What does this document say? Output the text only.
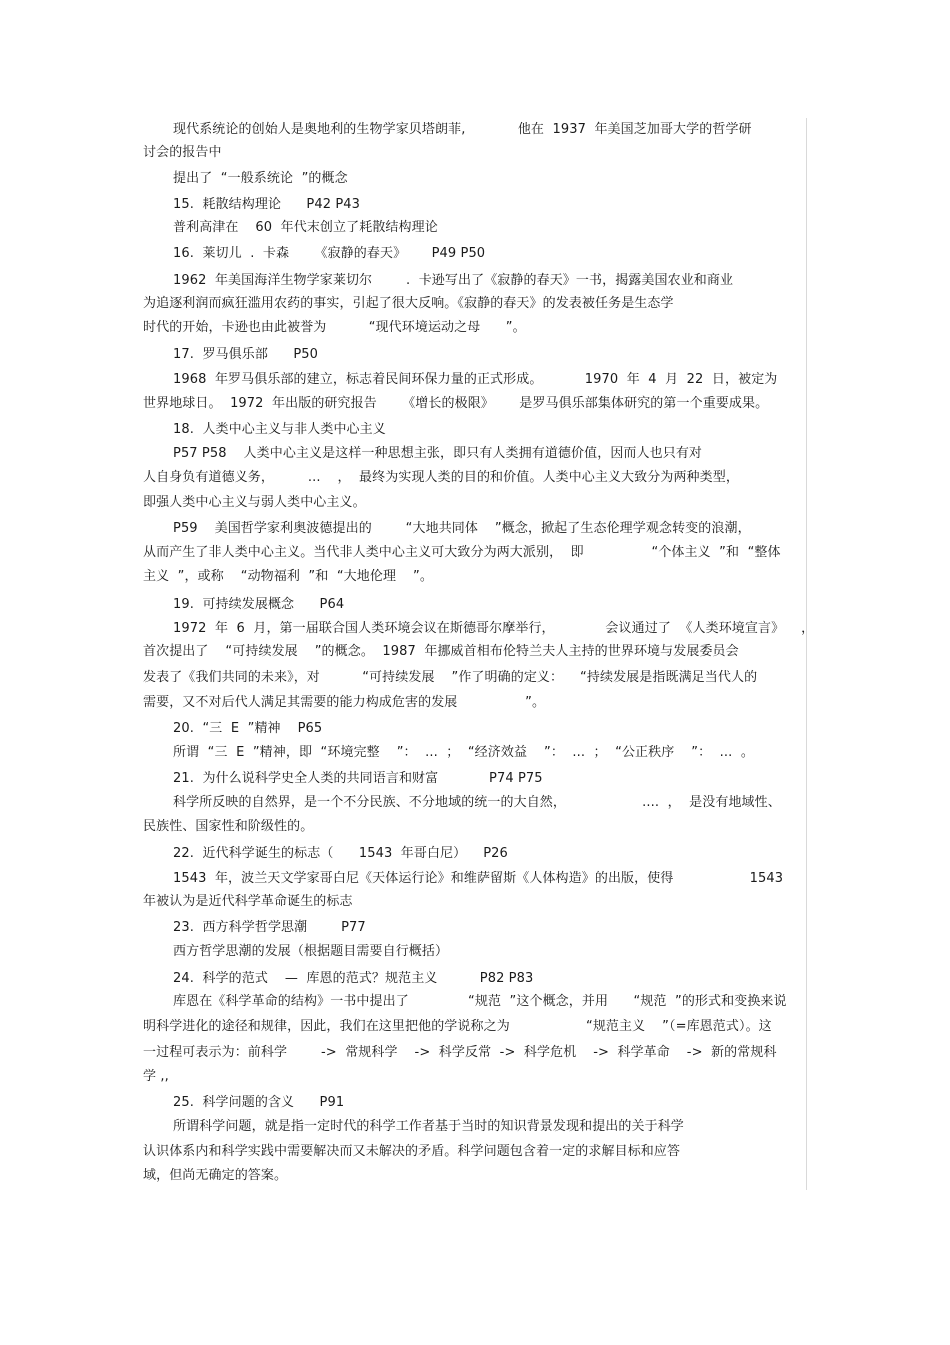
现代系统论的创始人是奥地利的生物学家贝塔朗菲,　　　　他在  1937  年美国芝加哥大学的哲学研
讨会的报告中
提出了  “一般系统论  ”的概念
15.  耗散结构理论      P42 P43
普利高津在    60  年代末创立了耗散结构理论
16.  莱切儿  .  卡森      《寂静的春天》      P49 P50
1962  年美国海洋生物学家莱切尔        .  卡逊写出了《寂静的春天》一书，揭露美国农业和商业
为追逐利润而疯狂滥用农药的事实，引起了很大反响。《寂静的春天》的发表被任务是生态学
时代的开始，卡逊也由此被誉为          “现代环境运动之母      ”。
17.  罗马俱乐部      P50
1968  年罗马俱乐部的建立，标志着民间环保力量的正式形成。          1970  年  4  月  22  日，被定为
世界地球日。  1972  年出版的研究报告      《增长的极限》      是罗马俱乐部集体研究的第一个重要成果。
18.  人类中心主义与非人类中心主义
P57 P58    人类中心主义是这样一种思想主张，即只有人类拥有道德价值，因而人也只有对
人自身负有道德义务，        ...    ，  最终为实现人类的目的和价值。人类中心主义大致分为两种类型，
即强人类中心主义与弱人类中心主义。
P59    美国哲学家利奥波德提出的        “大地共同体    ”概念，掀起了生态伦理学观念转变的浪潮，
从而产生了非人类中心主义。当代非人类中心主义可大致分为两大派别，  即                “个体主义  ”和  “整体
主义  ”，或称    “动物福利  ”和  “大地伦理    ”。
19.  可持续发展概念      P64
1972  年  6  月，第一届联合国人类环境会议在斯德哥尔摩举行，            会议通过了  《人类环境宣言》    ，
首次提出了    “可持续发展    ”的概念。  1987  年挪威首相布伦特兰夫人主持的世界环境与发展委员会
发表了《我们共同的未来》，对          “可持续发展    ”作了明确的定义：    “持续发展是指既满足当代人的
需要，又不对后代人满足其需要的能力构成危害的发展                ”。
20.  “三  E  ”精神    P65
所谓  “三  E  ”精神，即  “环境完整    ”：  ...  ；  “经济效益    ”：  ...  ；  “公正秩序    ”：  ...  。
21.  为什么说科学史全人类的共同语言和财富            P74 P75
科学所反映的自然界，是一个不分民族、不分地域的统一的大自然，                  ....  ，  是没有地域性、
民族性、国家性和阶级性的。
22.  近代科学诞生的标志（      1543  年哥白尼）    P26
1543  年，波兰天文学家哥白尼《天体运行论》和维萨留斯《人体构造》的出版，使得                  1543
年被认为是近代科学革命诞生的标志
23.  西方科学哲学思潮        P77
西方哲学思潮的发展（根据题目需要自行概括）
24.  科学的范式    —  库恩的范式？规范主义          P82 P83
库恩在《科学革命的结构》一书中提出了              “规范  ”这个概念，并用      “规范  ”的形式和变换来说
明科学进化的途径和规律，因此，我们在这里把他的学说称之为                  “规范主义    ”（=库恩范式）。这
一过程可表示为：前科学        ->  常规科学    ->  科学反常  ->  科学危机    ->  科学革命    ->  新的常规科
学 ,,
25.  科学问题的含义      P91
所谓科学问题，就是指一定时代的科学工作者基于当时的知识背景发现和提出的关于科学
认识体系内和科学实践中需要解决而又未解决的矛盾。科学问题包含着一定的求解目标和应答
域，但尚无确定的答案。
